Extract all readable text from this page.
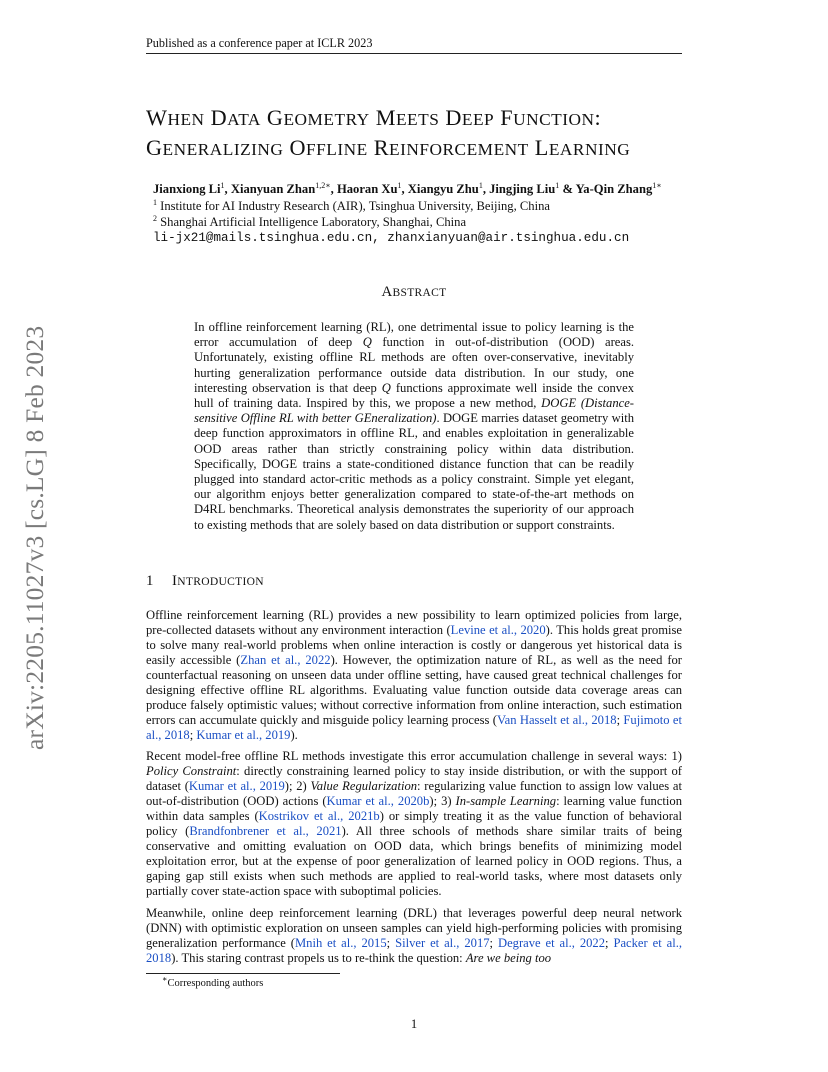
Published as a conference paper at ICLR 2023
WHEN DATA GEOMETRY MEETS DEEP FUNCTION:
GENERALIZING OFFLINE REINFORCEMENT LEARNING
Jianxiong Li$^1$, Xianyuan Zhan$^{1,2∗}$, Haoran Xu$^1$, Xiangyu Zhu$^1$, Jingjing Liu$^1$ & Ya-Qin Zhang$^{1∗}$
$^1$ Institute for AI Industry Research (AIR), Tsinghua University, Beijing, China
$^2$ Shanghai Artificial Intelligence Laboratory, Shanghai, China
li-jx21@mails.tsinghua.edu.cn, zhanxianyuan@air.tsinghua.edu.cn
ABSTRACT
In offline reinforcement learning (RL), one detrimental issue to policy learning is the error accumulation of deep Q function in out-of-distribution (OOD) areas. Unfortunately, existing offline RL methods are often over-conservative, inevitably hurting generalization performance outside data distribution. In our study, one interesting observation is that deep Q functions approximate well inside the convex hull of training data. Inspired by this, we propose a new method, DOGE (Distance-sensitive Offline RL with better GEneralization). DOGE marries dataset geometry with deep function approximators in offline RL, and enables exploitation in generalizable OOD areas rather than strictly constraining policy within data distribution. Specifically, DOGE trains a state-conditioned distance function that can be readily plugged into standard actor-critic methods as a policy constraint. Simple yet elegant, our algorithm enjoys better generalization compared to state-of-the-art methods on D4RL benchmarks. Theoretical analysis demonstrates the superiority of our approach to existing methods that are solely based on data distribution or support constraints.
1 INTRODUCTION
Offline reinforcement learning (RL) provides a new possibility to learn optimized policies from large, pre-collected datasets without any environment interaction (Levine et al., 2020). This holds great promise to solve many real-world problems when online interaction is costly or dangerous yet historical data is easily accessible (Zhan et al., 2022). However, the optimization nature of RL, as well as the need for counterfactual reasoning on unseen data under offline setting, have caused great technical challenges for designing effective offline RL algorithms. Evaluating value function outside data coverage areas can produce falsely optimistic values; without corrective information from online interaction, such estimation errors can accumulate quickly and misguide policy learning process (Van Hasselt et al., 2018; Fujimoto et al., 2018; Kumar et al., 2019).
Recent model-free offline RL methods investigate this error accumulation challenge in several ways: 1) Policy Constraint: directly constraining learned policy to stay inside distribution, or with the support of dataset (Kumar et al., 2019); 2) Value Regularization: regularizing value function to assign low values at out-of-distribution (OOD) actions (Kumar et al., 2020b); 3) In-sample Learning: learning value function within data samples (Kostrikov et al., 2021b) or simply treating it as the value function of behavioral policy (Brandfonbrener et al., 2021). All three schools of methods share similar traits of being conservative and omitting evaluation on OOD data, which brings benefits of minimizing model exploitation error, but at the expense of poor generalization of learned policy in OOD regions. Thus, a gaping gap still exists when such methods are applied to real-world tasks, where most datasets only partially cover state-action space with suboptimal policies.
Meanwhile, online deep reinforcement learning (DRL) that leverages powerful deep neural network (DNN) with optimistic exploration on unseen samples can yield high-performing policies with promising generalization performance (Mnih et al., 2015; Silver et al., 2017; Degrave et al., 2022; Packer et al., 2018). This staring contrast propels us to re-think the question: Are we being too
∗Corresponding authors
1
arXiv:2205.11027v3 [cs.LG] 8 Feb 2023
